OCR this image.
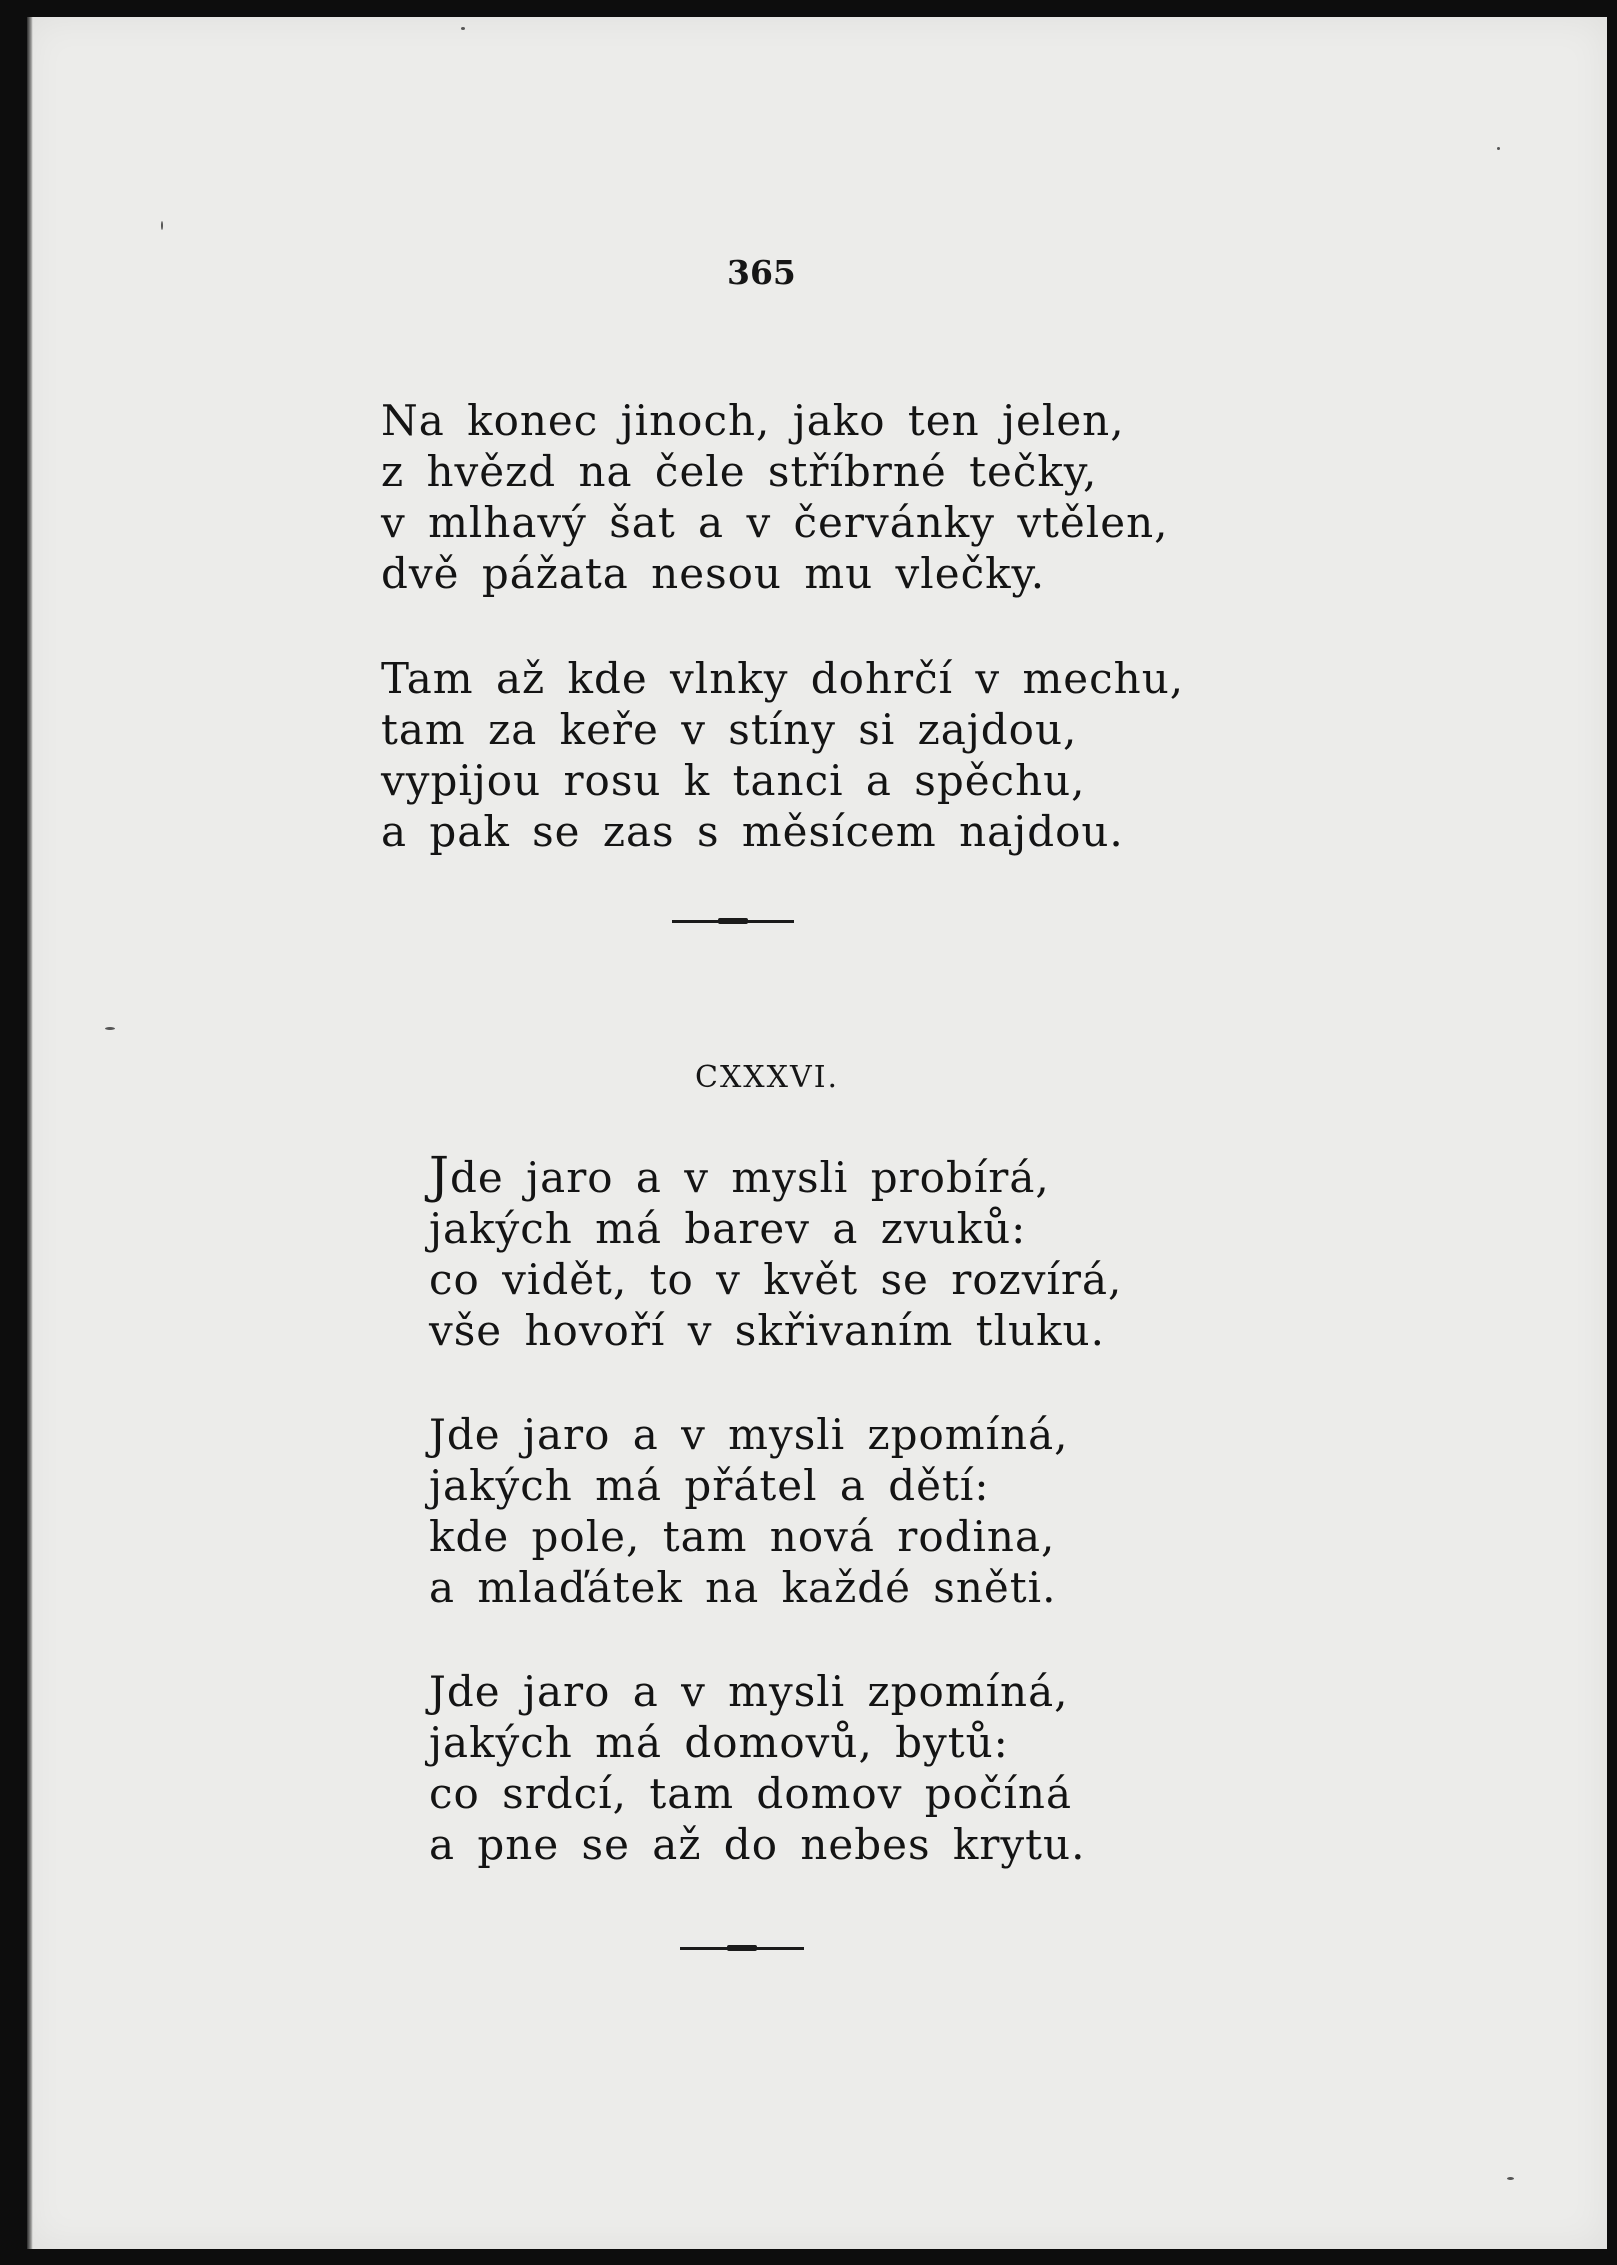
365
Na konec jinoch, jako ten jelen,
z hvězd na čele stříbrné tečky,
v mlhavý šat a v červánky vtělen,
dvě pážata nesou mu vlečky.
Tam až kde vlnky dohrčí v mechu,
tam za keře v stíny si zajdou,
vypijou rosu k tanci a spěchu,
a pak se zas s měsícem najdou.
CXXXVI.
Jde jaro a v mysli probírá,
jakých má barev a zvuků:
co vidět, to v květ se rozvírá,
vše hovoří v skřivaním tluku.
Jde jaro a v mysli zpomíná,
jakých má přátel a dětí:
kde pole, tam nová rodina,
a mlaďátek na každé sněti.
Jde jaro a v mysli zpomíná,
jakých má domovů, bytů:
co srdcí, tam domov počíná
a pne se až do nebes krytu.
